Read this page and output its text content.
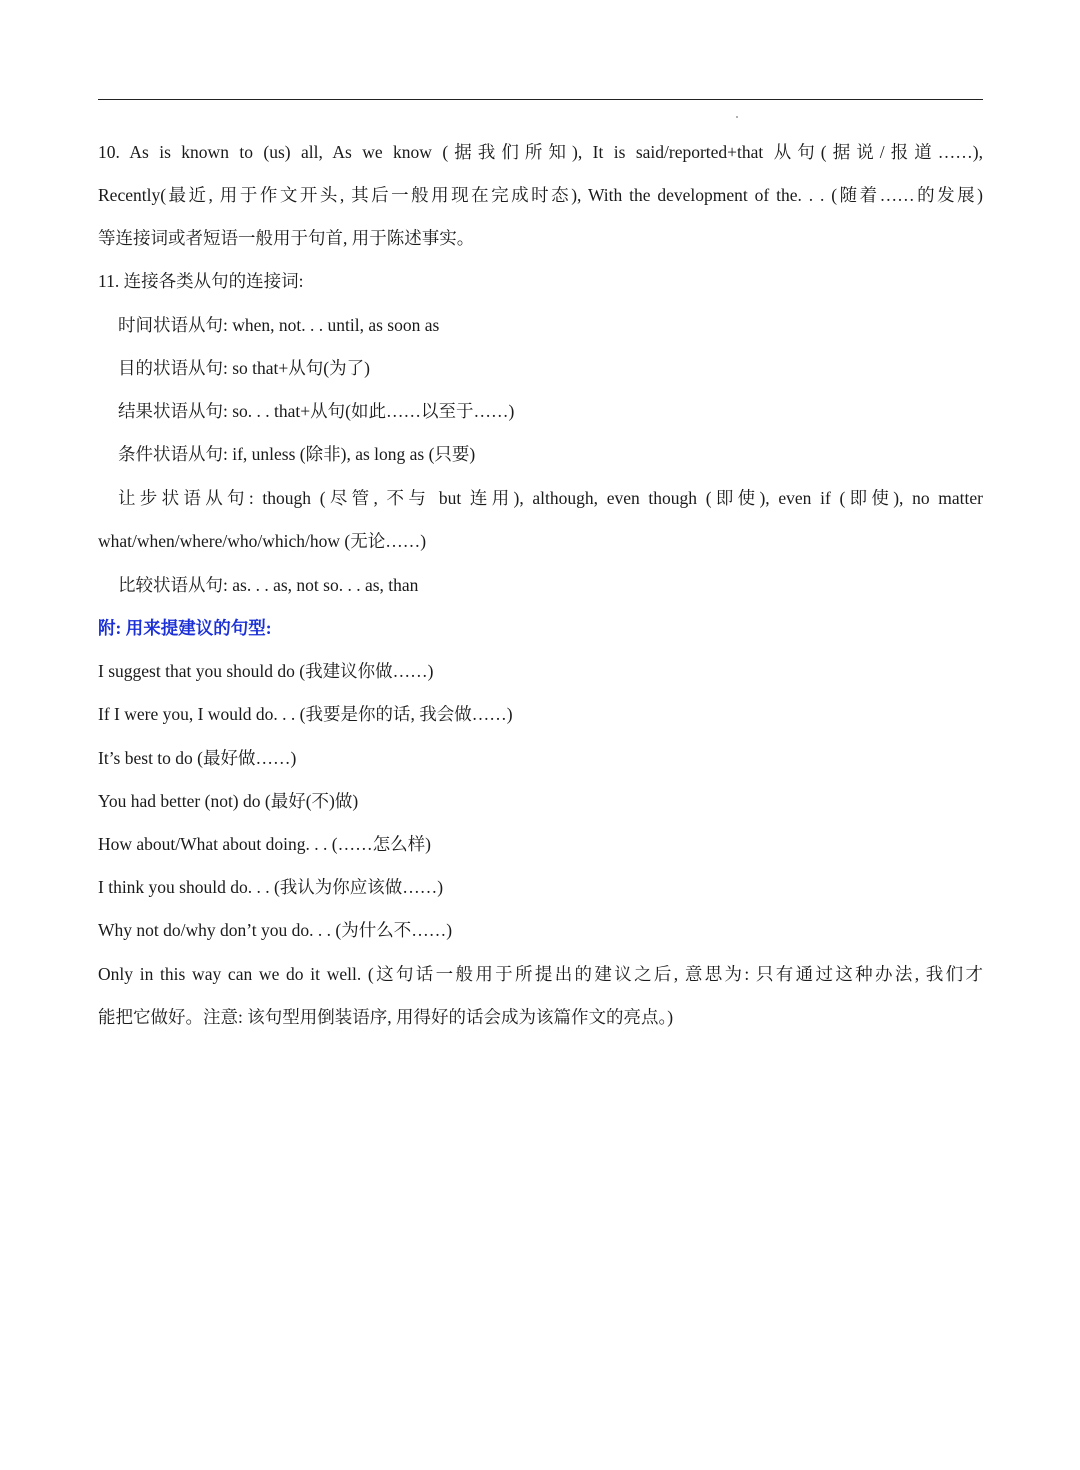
10. As is known to (us) all, As we know (据我们所知), It is said/reported+that 从句(据说/报道……),
Recently(最近, 用于作文开头, 其后一般用现在完成时态), With the development of the. . . (随着……的发展)
等连接词或者短语一般用于句首, 用于陈述事实。
11. 连接各类从句的连接词:
时间状语从句: when, not. . . until, as soon as
目的状语从句: so that+从句(为了)
结果状语从句: so. . . that+从句(如此……以至于……)
条件状语从句: if, unless (除非), as long as (只要)
让步状语从句: though (尽管, 不与 but 连用), although, even though (即使), even if (即使), no matter
what/when/where/who/which/how (无论……)
比较状语从句: as. . . as, not so. . . as, than
附: 用来提建议的句型:
I suggest that you should do (我建议你做……)
If I were you, I would do. . . (我要是你的话, 我会做……)
It’s best to do (最好做……)
You had better (not) do (最好(不)做)
How about/What about doing. . . (……怎么样)
I think you should do. . . (我认为你应该做……)
Why not do/why don’t you do. . . (为什么不……)
Only in this way can we do it well. (这句话一般用于所提出的建议之后, 意思为: 只有通过这种办法, 我们才
能把它做好。注意: 该句型用倒装语序, 用得好的话会成为该篇作文的亮点。)
